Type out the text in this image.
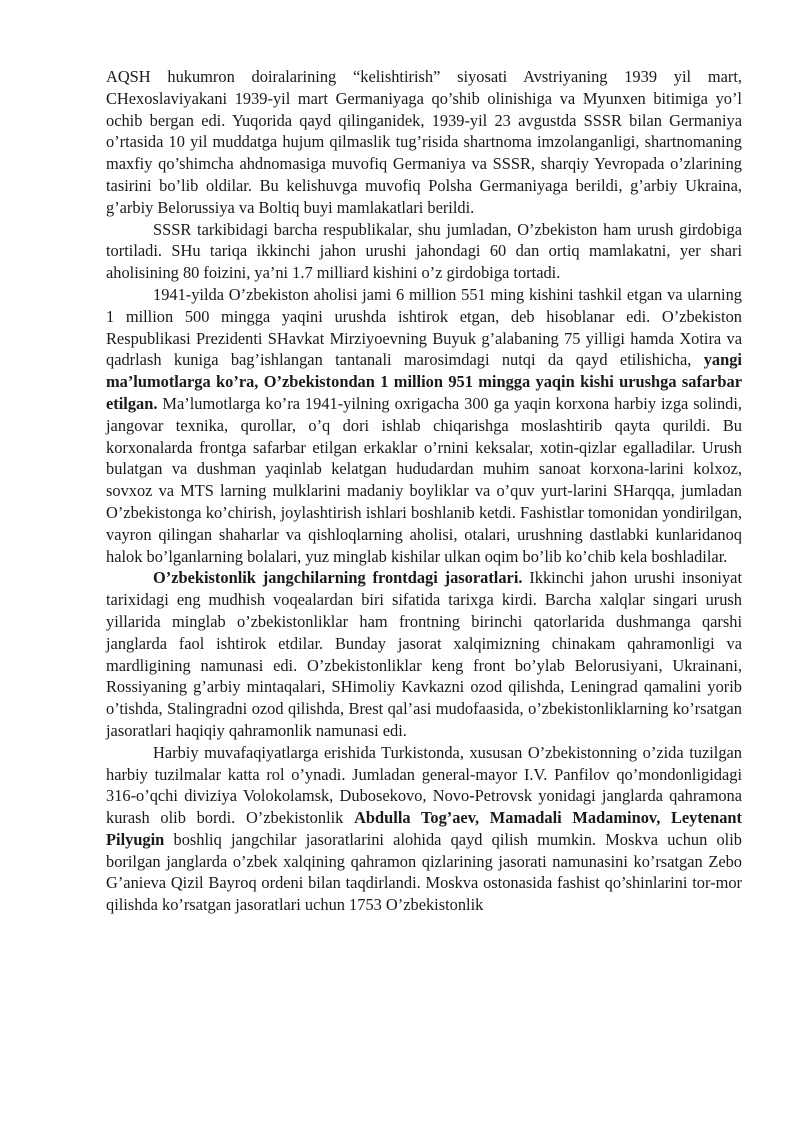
AQSH hukumron doiralarining “kelishtirish” siyosati Avstriyaning 1939 yil mart, CHexoslaviyakani 1939-yil mart Germaniyaga qo’shib olinishiga va Myunxen bitimiga yo’l ochib bergan edi. Yuqorida qayd qilinganidek, 1939-yil 23 avgustda SSSR bilan Germaniya o’rtasida 10 yil muddatga hujum qilmaslik tug’risida shartnoma imzolanganligi, shartnomaning maxfiy qo’shimcha ahdnomasiga muvofiq Germaniya va SSSR, sharqiy Yevropada o’zlarining tasirini bo’lib oldilar. Bu kelishuvga muvofiq Polsha Germaniyaga berildi, g’arbiy Ukraina, g’arbiy Belorussiya va Boltiq buyi mamlakatlari berildi.

SSSR tarkibidagi barcha respublikalar, shu jumladan, O’zbekiston ham urush girdobiga tortiladi. SHu tariqa ikkinchi jahon urushi jahondagi 60 dan ortiq mamlakatni, yer shari aholisining 80 foizini, ya’ni 1.7 milliard kishini o’z girdobiga tortadi.

1941-yilda O’zbekiston aholisi jami 6 million 551 ming kishini tashkil etgan va ularning 1 million 500 mingga yaqini urushda ishtirok etgan, deb hisoblanar edi. O’zbekiston Respublikasi Prezidenti SHavkat Mirziyoevning Buyuk g’alabaning 75 yilligi hamda Xotira va qadrlash kuniga bag’ishlangan tantanali marosimdagi nutqi da qayd etilishicha, yangi ma’lumotlarga ko’ra, O’zbekistondan 1 million 951 mingga yaqin kishi urushga safarbar etilgan. Ma’lumotlarga ko’ra 1941-yilning oxrigacha 300 ga yaqin korxona harbiy izga solindi, jangovar texnika, qurollar, o’q dori ishlab chiqarishga moslashtirib qayta qurildi. Bu korxonalarda frontga safarbar etilgan erkaklar o’rnini keksalar, xotin-qizlar egalladilar. Urush bulatgan va dushman yaqinlab kelatgan hududardan muhim sanoat korxona-larini kolxoz, sovxoz va MTS larning mulklarini madaniy boyliklar va o’quv yurt-larini SHarqqa, jumladan O’zbekistonga ko’chirish, joylashtirish ishlari boshlanib ketdi. Fashistlar tomonidan yondirilgan, vayron qilingan shaharlar va qishloqlarning aholisi, otalari, urushning dastlabki kunlaridanoq halok bo’lganlarning bolalari, yuz minglab kishilar ulkan oqim bo’lib ko’chib kela boshladilar.

O’zbekistonlik jangchilarning frontdagi jasoratlari. Ikkinchi jahon urushi insoniyat tarixidagi eng mudhish voqealardan biri sifatida tarixga kirdi. Barcha xalqlar singari urush yillarida minglab o’zbekistonliklar ham frontning birinchi qatorlarida dushmanga qarshi janglarda faol ishtirok etdilar. Bunday jasorat xalqimizning chinakam qahramonligi va mardligining namunasi edi. O’zbekistonliklar keng front bo’ylab Belorusiyani, Ukrainani, Rossiyaning g’arbiy mintaqalari, SHimoliy Kavkazni ozod qilishda, Leningrad qamalini yorib o’tishda, Stalingradni ozod qilishda, Brest qal’asi mudofaasida, o’zbekistonliklarning ko’rsatgan jasoratlari haqiqiy qahramonlik namunasi edi.

Harbiy muvafaqiyatlarga erishida Turkistonda, xususan O’zbekistonning o’zida tuzilgan harbiy tuzilmalar katta rol o’ynadi. Jumladan general-mayor I.V. Panfilov qo’mondonligidagi 316-o’qchi diviziya Volokolamsk, Dubosekovo, Novo-Petrovsk yonidagi janglarda qahramona kurash olib bordi. O’zbekistonlik Abdulla Tog’aev, Mamadali Madaminov, Leytenant Pilyugin boshliq jangchilar jasoratlarini alohida qayd qilish mumkin. Moskva uchun olib borilgan janglarda o’zbek xalqining qahramon qizlarining jasorati namunasini ko’rsatgan Zebo G’anieva Qizil Bayroq ordeni bilan taqdirlandi. Moskva ostonasida fashist qo’shinlarini tor-mor qilishda ko’rsatgan jasoratlari uchun 1753 O’zbekistonlik
